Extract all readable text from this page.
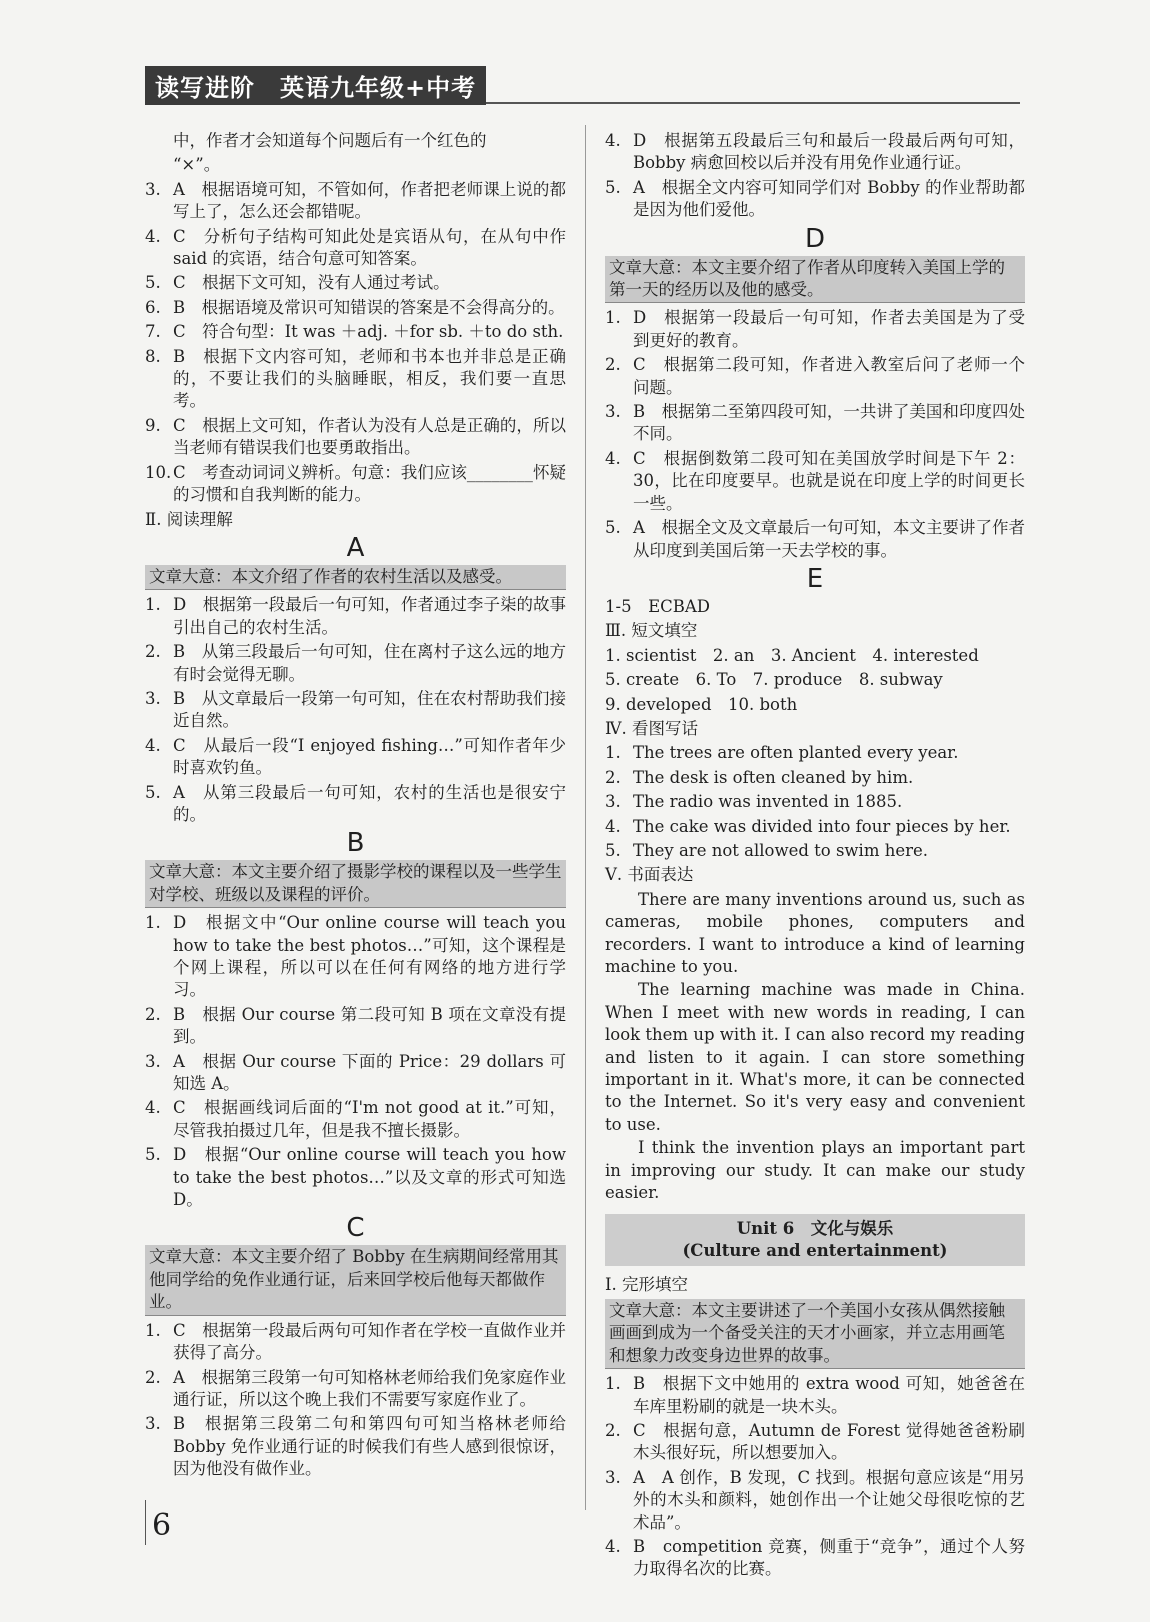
读写进阶　英语九年级+中考
中，作者才会知道每个问题后有一个红色的
“×”。
3. A　根据语境可知，不管如何，作者把老师课上说的都写上了，怎么还会都错呢。
4. C　分析句子结构可知此处是宾语从句，在从句中作 said 的宾语，结合句意可知答案。
5. C　根据下文可知，没有人通过考试。
6. B　根据语境及常识可知错误的答案是不会得高分的。
7. C　符合句型：It was ＋adj. ＋for sb. ＋to do sth.
8. B　根据下文内容可知，老师和书本也并非总是正确的，不要让我们的头脑睡眠，相反，我们要一直思考。
9. C　根据上文可知，作者认为没有人总是正确的，所以当老师有错误我们也要勇敢指出。
10. C　考查动词词义辨析。句意：我们应该________怀疑的习惯和自我判断的能力。
Ⅱ. 阅读理解
A
文章大意：本文介绍了作者的农村生活以及感受。
1. D　根据第一段最后一句可知，作者通过李子柒的故事引出自己的农村生活。
2. B　从第三段最后一句可知，住在离村子这么远的地方有时会觉得无聊。
3. B　从文章最后一段第一句可知，住在农村帮助我们接近自然。
4. C　从最后一段“I enjoyed fishing…”可知作者年少时喜欢钓鱼。
5. A　从第三段最后一句可知，农村的生活也是很安宁的。
B
文章大意：本文主要介绍了摄影学校的课程以及一些学生对学校、班级以及课程的评价。
1. D　根据文中“Our online course will teach you how to take the best photos…”可知，这个课程是个网上课程，所以可以在任何有网络的地方进行学习。
2. B　根据 Our course 第二段可知 B 项在文章没有提到。
3. A　根据 Our course 下面的 Price：29 dollars 可知选 A。
4. C　根据画线词后面的“I'm not good at it.”可知，尽管我拍摄过几年，但是我不擅长摄影。
5. D　根据“Our online course will teach you how to take the best photos…”以及文章的形式可知选 D。
C
文章大意：本文主要介绍了 Bobby 在生病期间经常用其他同学给的免作业通行证，后来回学校后他每天都做作业。
1. C　根据第一段最后两句可知作者在学校一直做作业并获得了高分。
2. A　根据第三段第一句可知格林老师给我们免家庭作业通行证，所以这个晚上我们不需要写家庭作业了。
3. B　根据第三段第二句和第四句可知当格林老师给 Bobby 免作业通行证的时候我们有些人感到很惊讶，因为他没有做作业。
4. D　根据第五段最后三句和最后一段最后两句可知，Bobby 病愈回校以后并没有用免作业通行证。
5. A　根据全文内容可知同学们对 Bobby 的作业帮助都是因为他们爱他。
D
文章大意：本文主要介绍了作者从印度转入美国上学的第一天的经历以及他的感受。
1. D　根据第一段最后一句可知，作者去美国是为了受到更好的教育。
2. C　根据第二段可知，作者进入教室后问了老师一个问题。
3. B　根据第二至第四段可知，一共讲了美国和印度四处不同。
4. C　根据倒数第二段可知在美国放学时间是下午 2：30，比在印度要早。也就是说在印度上学的时间更长一些。
5. A　根据全文及文章最后一句可知，本文主要讲了作者从印度到美国后第一天去学校的事。
E
1-5　ECBAD
Ⅲ. 短文填空
1. scientist　2. an　3. Ancient　4. interested
5. create　6. To　7. produce　8. subway
9. developed　10. both
Ⅳ. 看图写话
1. The trees are often planted every year.
2. The desk is often cleaned by him.
3. The radio was invented in 1885.
4. The cake was divided into four pieces by her.
5. They are not allowed to swim here.
Ⅴ. 书面表达
There are many inventions around us, such as cameras, mobile phones, computers and recorders. I want to introduce a kind of learning machine to you.
The learning machine was made in China. When I meet with new words in reading, I can look them up with it. I can also record my reading and listen to it again. I can store something important in it. What's more, it can be connected to the Internet. So it's very easy and convenient to use.
I think the invention plays an important part in improving our study. It can make our study easier.
Unit 6　文化与娱乐
(Culture and entertainment)
Ⅰ. 完形填空
文章大意：本文主要讲述了一个美国小女孩从偶然接触画画到成为一个备受关注的天才小画家，并立志用画笔和想象力改变身边世界的故事。
1. B　根据下文中她用的 extra wood 可知，她爸爸在车库里粉刷的就是一块木头。
2. C　根据句意，Autumn de Forest 觉得她爸爸粉刷木头很好玩，所以想要加入。
3. A　A 创作，B 发现，C 找到。根据句意应该是“用另外的木头和颜料，她创作出一个让她父母很吃惊的艺术品”。
4. B　competition 竞赛，侧重于“竞争”，通过个人努力取得名次的比赛。
6
